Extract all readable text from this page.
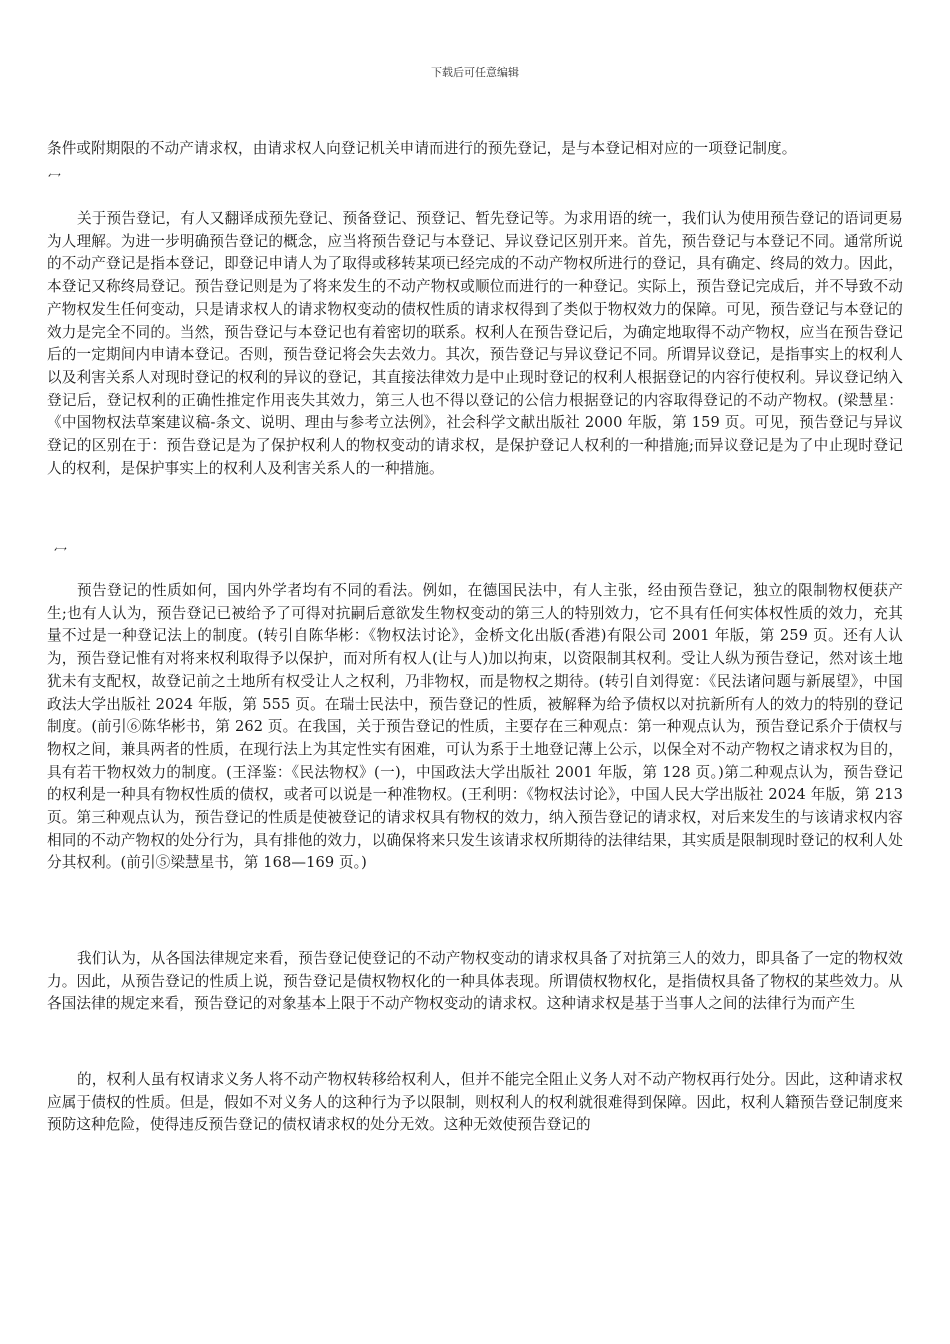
下载后可任意编辑

条件或附期限的不动产请求权，由请求权人向登记机关申请而进行的预先登记，是与本登记相对应的一项登记制度。

冖

关于预告登记，有人又翻译成预先登记、预备登记、预登记、暂先登记等。为求用语的统一，我们认为使用预告登记的语词更易为人理解。为进一步明确预告登记的概念，应当将预告登记与本登记、异议登记区别开来。首先，预告登记与本登记不同。通常所说的不动产登记是指本登记，即登记申请人为了取得或移转某项已经完成的不动产物权所进行的登记，具有确定、终局的效力。因此，本登记又称终局登记。预告登记则是为了将来发生的不动产物权或顺位而进行的一种登记。实际上，预告登记完成后，并不导致不动产物权发生任何变动，只是请求权人的请求物权变动的债权性质的请求权得到了类似于物权效力的保障。可见，预告登记与本登记的效力是完全不同的。当然，预告登记与本登记也有着密切的联系。权利人在预告登记后，为确定地取得不动产物权，应当在预告登记后的一定期间内申请本登记。否则，预告登记将会失去效力。其次，预告登记与异议登记不同。所谓异议登记，是指事实上的权利人以及利害关系人对现时登记的权利的异议的登记，其直接法律效力是中止现时登记的权利人根据登记的内容行使权利。异议登记纳入登记后，登记权利的正确性推定作用丧失其效力，第三人也不得以登记的公信力根据登记的内容取得登记的不动产物权。(梁慧星：《中国物权法草案建议稿-条文、说明、理由与参考立法例》，社会科学文献出版社 2000 年版，第 159 页。可见，预告登记与异议登记的区别在于：预告登记是为了保护权利人的物权变动的请求权，是保护登记人权利的一种措施;而异议登记是为了中止现时登记人的权利，是保护事实上的权利人及利害关系人的一种措施。

冖

预告登记的性质如何，国内外学者均有不同的看法。例如，在德国民法中，有人主张，经由预告登记，独立的限制物权便获产生;也有人认为，预告登记已被给予了可得对抗嗣后意欲发生物权变动的第三人的特别效力，它不具有任何实体权性质的效力，充其量不过是一种登记法上的制度。(转引自陈华彬：《物权法讨论》，金桥文化出版(香港)有限公司 2001 年版，第 259 页。还有人认为，预告登记惟有对将来权利取得予以保护，而对所有权人(让与人)加以拘束，以资限制其权利。受让人纵为预告登记，然对该土地犹未有支配权，故登记前之土地所有权受让人之权利，乃非物权，而是物权之期待。(转引自刘得宽：《民法诸问题与新展望》，中国政法大学出版社 2024 年版，第 555 页。在瑞士民法中，预告登记的性质，被解释为给予债权以对抗新所有人的效力的特别的登记制度。(前引⑥陈华彬书，第 262 页。在我国，关于预告登记的性质，主要存在三种观点：第一种观点认为，预告登记系介于债权与物权之间，兼具两者的性质，在现行法上为其定性实有困难，可认为系于土地登记薄上公示，以保全对不动产物权之请求权为目的，具有若干物权效力的制度。(王泽鉴：《民法物权》(一)，中国政法大学出版社 2001 年版，第 128 页。)第二种观点认为，预告登记的权利是一种具有物权性质的债权，或者可以说是一种准物权。(王利明：《物权法讨论》，中国人民大学出版社 2024 年版，第 213 页。第三种观点认为，预告登记的性质是使被登记的请求权具有物权的效力，纳入预告登记的请求权，对后来发生的与该请求权内容相同的不动产物权的处分行为，具有排他的效力，以确保将来只发生该请求权所期待的法律结果，其实质是限制现时登记的权利人处分其权利。(前引⑤梁慧星书，第 168—169 页。)

我们认为，从各国法律规定来看，预告登记使登记的不动产物权变动的请求权具备了对抗第三人的效力，即具备了一定的物权效力。因此，从预告登记的性质上说，预告登记是债权物权化的一种具体表现。所谓债权物权化，是指债权具备了物权的某些效力。从各国法律的规定来看，预告登记的对象基本上限于不动产物权变动的请求权。这种请求权是基于当事人之间的法律行为而产生

的，权利人虽有权请求义务人将不动产物权转移给权利人，但并不能完全阻止义务人对不动产物权再行处分。因此，这种请求权应属于债权的性质。但是，假如不对义务人的这种行为予以限制，则权利人的权利就很难得到保障。因此，权利人籍预告登记制度来预防这种危险，使得违反预告登记的债权请求权的处分无效。这种无效使预告登记的
